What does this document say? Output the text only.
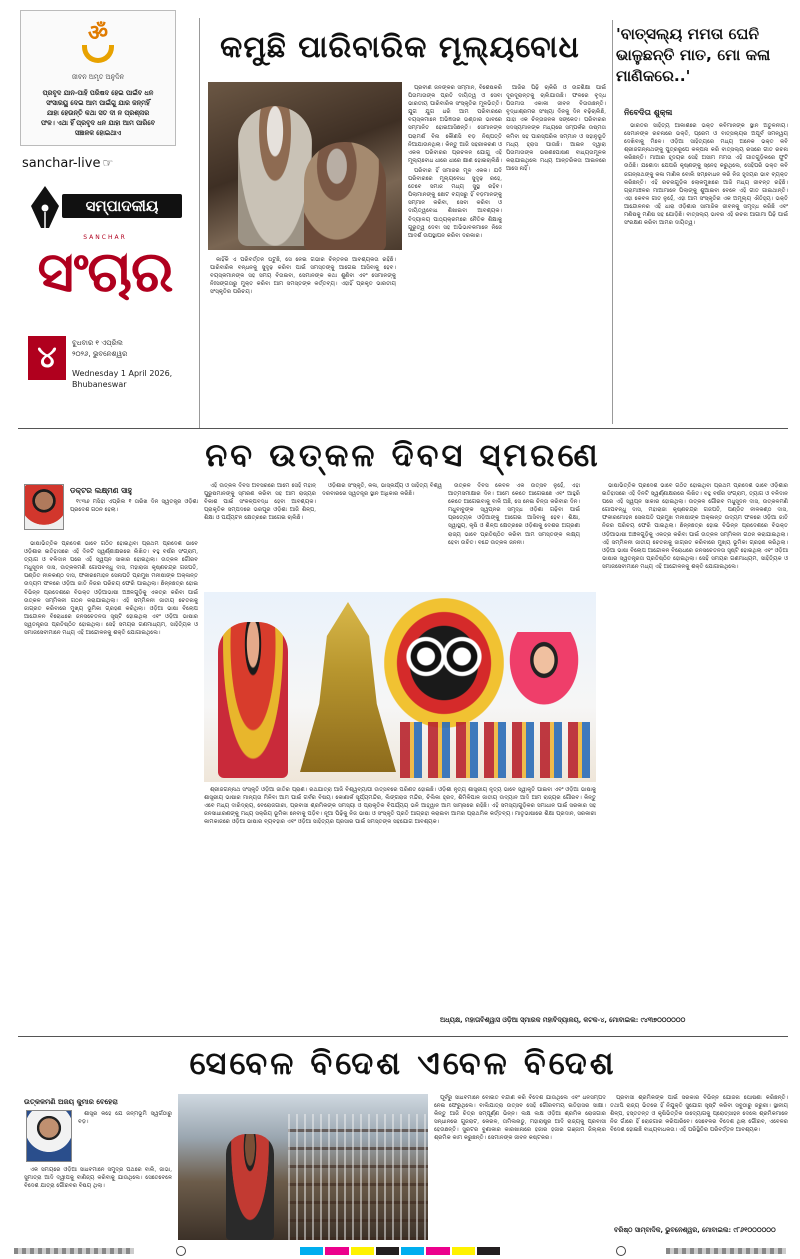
ॐ
ଜୀବନ ଅମୃତ ଅନୁଦିନ
ପ୍ରବୃଦ ଯାନ-ପାହି ପରିଷଦ ହେଇ ପାଇଁବ ଧନ
ସଂସାରୟୁ ଦେଇ ଆମ ପାଇଁଗୁ ଯାର ଜନ୍ମହିଁ
ଯାହା ହେଉନ୍ତି କଥା ସତ ଦୀ ନ ପ୍ରଶ୍ନାର
ଫଳ। ଏଥା ହିଁ ପ୍ରବୃଦ ଧନ ଯାହା ଆମ ପାରିବେ
ସଞ୍ଚାଳକ ହୋଇଥାଏ
sanchar-live ☞
ସମ୍ପାଦକୀୟ
SANCHAR
ସଂଚାର
୪	ବୁଧବାର ୧ ଏପ୍ରିଲ
୨୦୨୬, ଭୁବନେଶ୍ୱର
Wednesday 1 April 2026,
Bhubaneswar
କମୁଛି ପାରିବାରିକ ମୂଲ୍ୟବୋଧ

କାହିଁକି ଏ ପରିବର୍ତ୍ତନ ଘଟୁଛି, ସେ ନେଇ ଗଭୀର ଚିନ୍ତନର ଆବଶ୍ୟକତା ରହିଛି। ପାରିବାରିକ ବନ୍ଧନକୁ ସୁଦୃଢ଼ କରିବା ପାଇଁ ସମସ୍ତଙ୍କୁ ଆଗେଇ ଆସିବାକୁ ହେବ। ବୟସ୍କମାନଙ୍କ ସହ ସମୟ ବିତାଇବା, ସେମାନଙ୍କ କଥା ଶୁଣିବା ଏବଂ ସେମାନଙ୍କୁ ନିଃସଙ୍ଗତାରୁ ମୁକ୍ତ କରିବା ଆମ ସମସ୍ତଙ୍କ କର୍ତ୍ତବ୍ୟ। ଏହାହିଁ ପ୍ରକୃତ ଭାରତୀୟ ସଂସ୍କୃତିର ପରିଚୟ।

ପ୍ରବୀଣ ଜନଙ୍କର ସମ୍ମାନ, ବିଶେଷକରି ପିତାମାତାଙ୍କ ପ୍ରତି ଦାୟିତ୍ୱ ଓ ସେବା ଭାରତୀୟ ପାରିବାରିକ ସଂସ୍କୃତିର ମୂଳଭିତ୍ତି। ଯୁଗ ଯୁଗ ଧରି ଆମ ପରିବାରରେ ବୟସ୍କମାନେ ଅଭିଜ୍ଞତାର ଭଣ୍ଡାର ଭାବରେ ସମ୍ମାନିତ ହୋଇଆସିଛନ୍ତି। ସେମାନଙ୍କ ପରାମର୍ଶ ବିନା କୌଣସି ବଡ଼ ନିଷ୍ପତ୍ତି ନିଆଯାଉନଥିଲା। କିନ୍ତୁ ଆଜି ସହରୀକରଣ ଓ ଏକକ ପରିବାରର ପ୍ରଚଳନ ଯୋଗୁ ଏହି ମୂଲ୍ୟବୋଧ ଧୀରେ ଧୀରେ କ୍ଷୀଣ ହୋଇଚାଲିଛି।

ପରିବାର ହିଁ ସମାଜର ମୂଳ ଏକକ। ଯଦି ପରିବାରରେ ମୂଲ୍ୟବୋଧ ସୁଦୃଢ଼ ରହେ, ତେବେ ସମାଜ ମଧ୍ୟ ସୁସ୍ଥ ରହିବ। ପିଲାମାନଙ୍କୁ ଛୋଟ ବୟସରୁ ହିଁ ବଡ଼ମାନଙ୍କୁ ସମ୍ମାନ କରିବା, ସେବା କରିବା ଓ ଦାୟିତ୍ୱବୋଧ ଶିଖାଇବା ଆବଶ୍ୟକ। ବିଦ୍ୟାଳୟ ପାଠ୍ୟକ୍ରମରେ ନୈତିକ ଶିକ୍ଷାକୁ ଗୁରୁତ୍ୱ ଦେବା ସହ ଅଭିଭାବକମାନେ ନିଜେ ଆଦର୍ଶ ଉପସ୍ଥାପନ କରିବା ଦରକାର।

ଆଜିର ପିଢ଼ି ଚାକିରି ଓ ଉଚ୍ଚଶିକ୍ଷା ପାଇଁ ଦୂରଦୂରାନ୍ତକୁ ଚାଲିଯାଉଛି। ଫଳରେ ବୃଦ୍ଧ ପିତାମାତା ଏକାକୀ ଜୀବନ ବିତାଉଛନ୍ତି। ବୃଦ୍ଧାଶ୍ରମର ସଂଖ୍ୟା ଦିନକୁ ଦିନ ବଢ଼ିଚାଲିଛି, ଯାହା ଏକ ଚିନ୍ତାଜନକ ସଙ୍କେତ। ପରିବାରର ସଦସ୍ୟମାନଙ୍କ ମଧ୍ୟରେ ସମ୍ପର୍କର ଉଷ୍ମତା କମିବା ସହ ପାରସ୍ପରିକ ସମ୍ମାନ ଓ ସହାନୁଭୂତି ମଧ୍ୟ ହ୍ରାସ ପାଉଛି। ଆଇନ ଦ୍ୱାରା ପିତାମାତାଙ୍କ ଭରଣପୋଷଣ ବାଧ୍ୟତାମୂଳକ କରାଯାଇଥିଲେ ମଧ୍ୟ ଆନ୍ତରିକତା ଆଇନରେ ଆସେ ନାହିଁ।

'ବାତ୍ସଲ୍ୟ ମମତା ଘେନି ଭାଳୁଛନ୍ତି ମାତ, ମୋ କଳା ମାଣିକରେ..'
ନିବେଦିତା ଶୁକ୍ଳା

ଭାରତର ସାହିତ୍ୟ ଆକାଶରେ ଭକ୍ତ କବିମାନଙ୍କ ସ୍ଥାନ ଅତୁଳନୀୟ। ସେମାନଙ୍କ ରଚନାରେ ଭକ୍ତି, ପ୍ରେମ ଓ ବାତ୍ସଲ୍ୟର ଅପୂର୍ବ ସମନ୍ୱୟ ଦେଖିବାକୁ ମିଳେ। ଓଡ଼ିଆ ସାହିତ୍ୟରେ ମଧ୍ୟ ଅନେକ ଭକ୍ତ କବି ଶ୍ରୀଜଗନ୍ନାଥଙ୍କୁ ପୁତ୍ରରୂପେ କଳ୍ପନା କରି ବାତ୍ସଲ୍ୟ ରସରେ ଗୀତ ରଚନା କରିଛନ୍ତି। ମାଆର ହୃଦୟର ସେହି ଅସୀମ ମମତା ଏହି ଗୀତଗୁଡ଼ିକରେ ଫୁଟି ଉଠିଛି। ଯଶୋଦା ଯେପରି କୃଷ୍ଣଙ୍କୁ ସ୍ନେହ କରୁଥିଲେ, ସେହିପରି ଭକ୍ତ କବି ଜଗନ୍ନାଥଙ୍କୁ କଳା ମାଣିକ ବୋଲି ସମ୍ବୋଧନ କରି ନିଜ ହୃଦୟର ଭାବ ବ୍ୟକ୍ତ କରିଛନ୍ତି। ଏହି ରଚନାଗୁଡ଼ିକ ଲୋକମୁଖରେ ଆଜି ମଧ୍ୟ ଜୀବନ୍ତ ରହିଛି। ଗ୍ରାମାଞ୍ଚଳର ମାଆମାନେ ପିଲାଙ୍କୁ ଶୁଆଇବା ବେଳେ ଏହି ଗୀତ ଗାଇଥାନ୍ତି। ଏହା କେବଳ ଗୀତ ନୁହେଁ, ଏହା ଆମ ସଂସ୍କୃତିର ଏକ ଅମୂଲ୍ୟ ଐତିହ୍ୟ। ଭକ୍ତି ଆନ୍ଦୋଳନର ଏହି ଧାରା ଓଡ଼ିଶାର ସାମାଜିକ ଜୀବନକୁ ସମୃଦ୍ଧ କରିଛି ଏବଂ ମଣିଷକୁ ମଣିଷ ସହ ଯୋଡ଼ିଛି। ବାତ୍ସଲ୍ୟ ଭାବର ଏହି ରଚନା ଆଗାମୀ ପିଢ଼ି ପାଇଁ ସଂରକ୍ଷଣ କରିବା ଆମର ଦାୟିତ୍ୱ।

ନବ ଉତ୍କଳ ଦିବସ ସ୍ମରଣେ
ଡକ୍ଟର ଲକ୍ଷ୍ମଣ ସାହୁ

୧୯୩୬ ମସିହା ଏପ୍ରିଲ ୧ ତାରିଖ ଦିନ ସ୍ୱତନ୍ତ୍ର ଓଡ଼ିଶା ପ୍ରଦେଶ ଗଠନ ହେଲା।

ଭାଷାଭିତ୍ତିକ ପ୍ରଦେଶ ଭାବେ ଗଠିତ ହୋଇଥିବା ପ୍ରଥମ ପ୍ରଦେଶ ଭାବେ ଓଡ଼ିଶାର ଇତିହାସରେ ଏହି ଦିନଟି ସ୍ୱର୍ଣ୍ଣାକ୍ଷରରେ ଲିଖିତ। ବହୁ ବର୍ଷର ସଂଗ୍ରାମ, ତ୍ୟାଗ ଓ ବଳିଦାନ ପରେ ଏହି ସ୍ୱପ୍ନ ସାକାର ହୋଇଥିଲା। ଉତ୍କଳ ଗୌରବ ମଧୁସୂଦନ ଦାସ, ଉତ୍କଳମଣି ଗୋପବନ୍ଧୁ ଦାସ, ମହାରାଜା କୃଷ୍ଣଚନ୍ଦ୍ର ଗଜପତି, ପଣ୍ଡିତ ନୀଳକଣ୍ଠ ଦାସ, ଫକୀରମୋହନ ସେନାପତି ପ୍ରମୁଖ ମନୀଷୀଙ୍କ ଅକ୍ଳାନ୍ତ ଉଦ୍ୟମ ଫଳରେ ଓଡ଼ିଆ ଜାତି ନିଜର ପରିଚୟ ଫେରି ପାଇଥିଲା। ଛିନ୍ନଛତ୍ର ହୋଇ ବିଭିନ୍ନ ପ୍ରଦେଶରେ ବିଭକ୍ତ ଓଡ଼ିଆଭାଷୀ ଅଞ୍ଚଳଗୁଡ଼ିକୁ ଏକତ୍ର କରିବା ପାଇଁ ଉତ୍କଳ ସମ୍ମିଳନୀ ଗଠନ କରାଯାଇଥିଲା। ଏହି ସମ୍ମିଳନୀ ଜାତୀୟ ଚେତନାକୁ ଜାଗ୍ରତ କରିବାରେ ମୁଖ୍ୟ ଭୂମିକା ଗ୍ରହଣ କରିଥିଲା। ଓଡ଼ିଆ ଭାଷା ବିଲୋପ ଆନ୍ଦୋଳନ ବିରୋଧରେ ଜନସଚେତନତା ସୃଷ୍ଟି ହୋଇଥିଲା ଏବଂ ଓଡ଼ିଆ ଭାଷାର ସ୍ୱତନ୍ତ୍ରତା ପ୍ରତିଷ୍ଠିତ ହୋଇଥିଲା। ସେହି ସମୟର ଗଣମାଧ୍ୟମ, ସାହିତ୍ୟିକ ଓ ସମାଜସେବୀମାନେ ମଧ୍ୟ ଏହି ଆନ୍ଦୋଳନକୁ ଶକ୍ତି ଯୋଗାଇଥିଲେ।

ଏହି ଉତ୍କଳ ଦିବସ ଅବସରରେ ଆମେ ସେହି ମହାନ୍ ପୁରୁଷମାନଙ୍କୁ ସ୍ମରଣ କରିବା ସହ ଆମ ରାଜ୍ୟର ବିକାଶ ପାଇଁ ସଂକଳ୍ପବଦ୍ଧ ହେବା ଆବଶ୍ୟକ। ପ୍ରାକୃତିକ ସମ୍ପଦରେ ଭରପୂର ଓଡ଼ିଶା ଆଜି ଶିଳ୍ପ, ଶିକ୍ଷା ଓ ପର୍ଯ୍ୟଟନ କ୍ଷେତ୍ରରେ ଆଗେଇ ଚାଲିଛି।

ଓଡ଼ିଶାର ସଂସ୍କୃତି, କଳା, ଭାସ୍କର୍ଯ୍ୟ ଓ ସାହିତ୍ୟ ବିଶ୍ୱ ଦରବାରରେ ସ୍ୱତନ୍ତ୍ର ସ୍ଥାନ ଅଧିକାର କରିଛି।

ଉତ୍କଳ ଦିବସ କେବଳ ଏକ ଉତ୍ସବ ନୁହେଁ, ଏହା ଆତ୍ମସମୀକ୍ଷାର ଦିନ। ଆମେ କେତେ ଆଗେଇଛେ ଏବଂ ଆହୁରି କେତେ ଆଗେଇବାକୁ ବାକି ଅଛି, ସେ ନେଇ ଚିନ୍ତା କରିବାର ଦିନ। ମଧୁବାବୁଙ୍କ ସ୍ୱପ୍ନର ସମୃଦ୍ଧ ଓଡ଼ିଶା ଗଢ଼ିବା ପାଇଁ ପ୍ରତ୍ୟେକ ଓଡ଼ିଆଙ୍କୁ ଆଗେଇ ଆସିବାକୁ ହେବ। ଶିକ୍ଷା, ସ୍ୱାସ୍ଥ୍ୟ, କୃଷି ଓ ଶିଳ୍ପ କ୍ଷେତ୍ରରେ ଓଡ଼ିଶାକୁ ଦେଶର ଅଗ୍ରଣୀ ରାଜ୍ୟ ଭାବେ ପ୍ରତିଷ୍ଠିତ କରିବା ଆମ ସମସ୍ତଙ୍କ ଲକ୍ଷ୍ୟ ହେବା ଉଚିତ। ବନ୍ଦେ ଉତ୍କଳ ଜନନୀ।

ଶ୍ରୀଜଗନ୍ନାଥ ସଂସ୍କୃତି ଓଡ଼ିଆ ଜାତିର ପ୍ରାଣ। ରଥଯାତ୍ରା ଆଜି ବିଶ୍ୱବ୍ୟାପୀ ଉତ୍ସବରେ ପରିଣତ ହୋଇଛି। ଓଡ଼ିଶୀ ନୃତ୍ୟ ଶାସ୍ତ୍ରୀୟ ନୃତ୍ୟ ଭାବେ ସ୍ୱୀକୃତି ପାଇବା ଏବଂ ଓଡ଼ିଆ ଭାଷାକୁ ଶାସ୍ତ୍ରୀୟ ଭାଷାର ମାନ୍ୟତା ମିଳିବା ଆମ ପାଇଁ ଗର୍ବର ବିଷୟ। କୋଣାର୍କ ସୂର୍ଯ୍ୟମନ୍ଦିର, ଲିଙ୍ଗରାଜ ମନ୍ଦିର, ଚିଲିକା ହ୍ରଦ, ଶିମିଳିପାଳ ଜାତୀୟ ଉଦ୍ୟାନ ଆଦି ଆମ ରାଜ୍ୟର ଗୌରବ। କିନ୍ତୁ ଏବେ ମଧ୍ୟ ଦାରିଦ୍ର୍ୟ, ବେରୋଜଗାରୀ, ପ୍ରବାସୀ ଶ୍ରମିକଙ୍କ ସମସ୍ୟା ଓ ପ୍ରାକୃତିକ ବିପର୍ଯ୍ୟୟ ଭଳି ଆହ୍ୱାନ ଆମ ସାମ୍ନାରେ ରହିଛି। ଏହି ସମସ୍ୟାଗୁଡ଼ିକର ସମାଧାନ ପାଇଁ ସରକାର ସହ ଜନସାଧାରଣଙ୍କୁ ମଧ୍ୟ ସକ୍ରିୟ ଭୂମିକା ନେବାକୁ ପଡ଼ିବ। ନୂଆ ପିଢ଼ିକୁ ନିଜ ଭାଷା ଓ ସଂସ୍କୃତି ପ୍ରତି ଆଗ୍ରହୀ କରାଇବା ଆମର ପ୍ରାଥମିକ କର୍ତ୍ତବ୍ୟ। ମାତୃଭାଷାରେ ଶିକ୍ଷା ପ୍ରଦାନ, ସରକାରୀ କାମକାଜରେ ଓଡ଼ିଆ ଭାଷାର ବ୍ୟବହାର ଏବଂ ଓଡ଼ିଆ ସାହିତ୍ୟର ପ୍ରସାର ପାଇଁ ସମସ୍ତଙ୍କ ସହଯୋଗ ଆବଶ୍ୟକ।

ଭାଷାଭିତ୍ତିକ ପ୍ରଦେଶ ଭାବେ ଗଠିତ ହୋଇଥିବା ପ୍ରଥମ ପ୍ରଦେଶ ଭାବେ ଓଡ଼ିଶାର ଇତିହାସରେ ଏହି ଦିନଟି ସ୍ୱର୍ଣ୍ଣାକ୍ଷରରେ ଲିଖିତ। ବହୁ ବର୍ଷର ସଂଗ୍ରାମ, ତ୍ୟାଗ ଓ ବଳିଦାନ ପରେ ଏହି ସ୍ୱପ୍ନ ସାକାର ହୋଇଥିଲା। ଉତ୍କଳ ଗୌରବ ମଧୁସୂଦନ ଦାସ, ଉତ୍କଳମଣି ଗୋପବନ୍ଧୁ ଦାସ, ମହାରାଜା କୃଷ୍ଣଚନ୍ଦ୍ର ଗଜପତି, ପଣ୍ଡିତ ନୀଳକଣ୍ଠ ଦାସ, ଫକୀରମୋହନ ସେନାପତି ପ୍ରମୁଖ ମନୀଷୀଙ୍କ ଅକ୍ଳାନ୍ତ ଉଦ୍ୟମ ଫଳରେ ଓଡ଼ିଆ ଜାତି ନିଜର ପରିଚୟ ଫେରି ପାଇଥିଲା। ଛିନ୍ନଛତ୍ର ହୋଇ ବିଭିନ୍ନ ପ୍ରଦେଶରେ ବିଭକ୍ତ ଓଡ଼ିଆଭାଷୀ ଅଞ୍ଚଳଗୁଡ଼ିକୁ ଏକତ୍ର କରିବା ପାଇଁ ଉତ୍କଳ ସମ୍ମିଳନୀ ଗଠନ କରାଯାଇଥିଲା। ଏହି ସମ୍ମିଳନୀ ଜାତୀୟ ଚେତନାକୁ ଜାଗ୍ରତ କରିବାରେ ମୁଖ୍ୟ ଭୂମିକା ଗ୍ରହଣ କରିଥିଲା। ଓଡ଼ିଆ ଭାଷା ବିଲୋପ ଆନ୍ଦୋଳନ ବିରୋଧରେ ଜନସଚେତନତା ସୃଷ୍ଟି ହୋଇଥିଲା ଏବଂ ଓଡ଼ିଆ ଭାଷାର ସ୍ୱତନ୍ତ୍ରତା ପ୍ରତିଷ୍ଠିତ ହୋଇଥିଲା। ସେହି ସମୟର ଗଣମାଧ୍ୟମ, ସାହିତ୍ୟିକ ଓ ସମାଜସେବୀମାନେ ମଧ୍ୟ ଏହି ଆନ୍ଦୋଳନକୁ ଶକ୍ତି ଯୋଗାଇଥିଲେ।

ଅଧ୍ୟକ୍ଷ, ମହାତାବିଶ୍ୱାସ ଓଡ଼ିଆ ସ୍ମାରକ ମହାବିଦ୍ୟାଳୟ, କଟକ-୪, ମୋବାଇଲ: ୯୪୩୭୦୦୦୦୦୦
ସେବେଳ ବିଦେଶ ଏବେଳ ବିଦେଶ
ଉତ୍କଳମଣି ଅଜୟ କୁମାର ବେହେରା

ଶାସ୍ତ୍ର କହେ ଯେ ଜନ୍ମଭୂମି ସ୍ୱର୍ଗଠାରୁ ବଡ଼।

ଏକ ସମୟରେ ଓଡ଼ିଆ ସାଧବମାନେ ସମୁଦ୍ର ପଥରେ ବାଲି, ଜାଭା, ସୁମାତ୍ରା ଆଦି ଦ୍ୱୀପକୁ ବାଣିଜ୍ୟ କରିବାକୁ ଯାଉଥିଲେ। ସେତେବେଳେ ବିଦେଶ ଯାତ୍ରା ଗୌରବର ବିଷୟ ଥିଲା।

ପୂର୍ବରୁ ସାଧବମାନେ ବୋଇତ ବନ୍ଦାଣ କରି ବିଦେଶ ଯାଉଥିଲେ ଏବଂ ଧନସମ୍ପଦ ନେଇ ଫେରୁଥିଲେ। ବାଲିଯାତ୍ରା ଉତ୍ସବ ସେହି ଗୌରବମୟ ଇତିହାସର ସାକ୍ଷୀ। କିନ୍ତୁ ଆଜି ଚିତ୍ର ସମ୍ପୂର୍ଣ୍ଣ ଭିନ୍ନ। ଲକ୍ଷ ଲକ୍ଷ ଓଡ଼ିଆ ଶ୍ରମିକ ରୋଜଗାର ସନ୍ଧାନରେ ଗୁଜରାଟ, କେରଳ, ତାମିଲନାଡୁ, ମହାରାଷ୍ଟ୍ର ଆଦି ରାଜ୍ୟକୁ ପ୍ରବାସୀ ହେଉଛନ୍ତି। ସୁରଟର ବୁଣାକାର କାରଖାନାରେ ହଜାର ହଜାର ଗଞ୍ଜାମ ଜିଲ୍ଲାର ଶ୍ରମିକ କାମ କରୁଛନ୍ତି। ସେମାନଙ୍କ ଜୀବନ କଷ୍ଟକର।

ପ୍ରବାସୀ ଶ୍ରମିକଙ୍କ ପାଇଁ ସରକାର ବିଭିନ୍ନ ଯୋଜନା ଘୋଷଣା କରିଛନ୍ତି। ତଥାପି ରାଜ୍ୟ ଭିତରେ ହିଁ ନିଯୁକ୍ତି ସୁଯୋଗ ସୃଷ୍ଟି କରିବା ସବୁଠାରୁ ଜରୁରୀ। ସ୍ଥାନୀୟ ଶିଳ୍ପ, ହସ୍ତତନ୍ତ ଓ କୃଷିଭିତ୍ତିକ ଉଦ୍ୟୋଗକୁ ପ୍ରୋତ୍ସାହନ ଦେଲେ ଶ୍ରମିକମାନେ ନିଜ ଗାଁରେ ହିଁ ରୋଜଗାର କରିପାରିବେ। ସେବେଳର ବିଦେଶ ଥିଲା ଗୌରବ, ଏବେଳର ବିଦେଶ ହୋଇଛି ବାଧ୍ୟବାଧକତା। ଏହି ପରିସ୍ଥିତିର ପରିବର୍ତ୍ତନ ଆବଶ୍ୟକ।

ବରିଷ୍ଠ ସାମ୍ବାଦିକ, ଭୁବନେଶ୍ୱର, ମୋବାଇଲ: ୯୮୬୧୦୦୦୦୦୦
